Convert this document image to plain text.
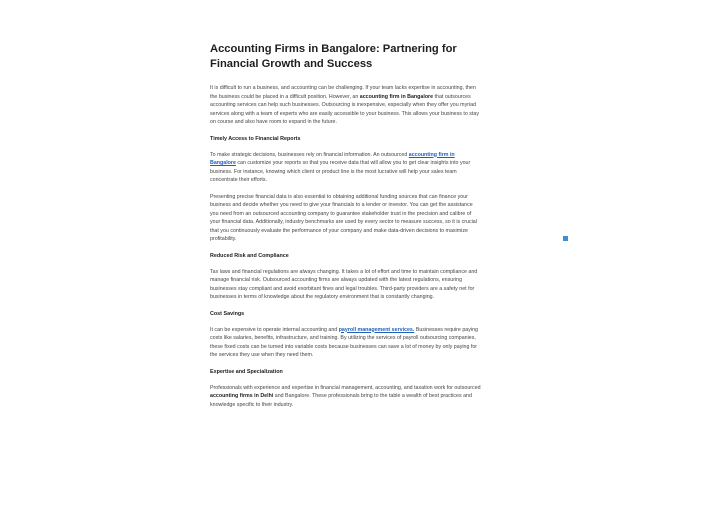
Accounting Firms in Bangalore: Partnering for Financial Growth and Success

It is difficult to run a business, and accounting can be challenging. If your team lacks expertise in accounting, then the business could be placed in a difficult position. However, an accounting firm in Bangalore that outsources accounting services can help such businesses. Outsourcing is inexpensive, especially when they offer you myriad services along with a team of experts who are easily accessible to your business. This allows your business to stay on course and also have room to expand in the future.

Timely Access to Financial Reports

To make strategic decisions, businesses rely on financial information. An outsourced accounting firm in Bangalore can customize your reports so that you receive data that will allow you to get clear insights into your business. For instance, knowing which client or product line is the most lucrative will help your sales team concentrate their efforts.

Presenting precise financial data is also essential to obtaining additional funding sources that can finance your business and decide whether you need to give your financials to a lender or investor. You can get the assistance you need from an outsourced accounting company to guarantee stakeholder trust in the precision and calibre of your financial data. Additionally, industry benchmarks are used by every sector to measure success, so it is crucial that you continuously evaluate the performance of your company and make data-driven decisions to maximize profitability.

Reduced Risk and Compliance

Tax laws and financial regulations are always changing. It takes a lot of effort and time to maintain compliance and manage financial risk. Outsourced accounting firms are always updated with the latest regulations, ensuring businesses stay compliant and avoid exorbitant fines and legal troubles. Third-party providers are a safety net for businesses in terms of knowledge about the regulatory environment that is constantly changing.

Cost Savings

It can be expensive to operate internal accounting and payroll management services. Businesses require paying costs like salaries, benefits, infrastructure, and training. By utilizing the services of payroll outsourcing companies, these fixed costs can be turned into variable costs because businesses can save a lot of money by only paying for the services they use when they need them.

Expertise and Specialization

Professionals with experience and expertise in financial management, accounting, and taxation work for outsourced accounting firms in Delhi and Bangalore. These professionals bring to the table a wealth of best practices and knowledge specific to their industry.
